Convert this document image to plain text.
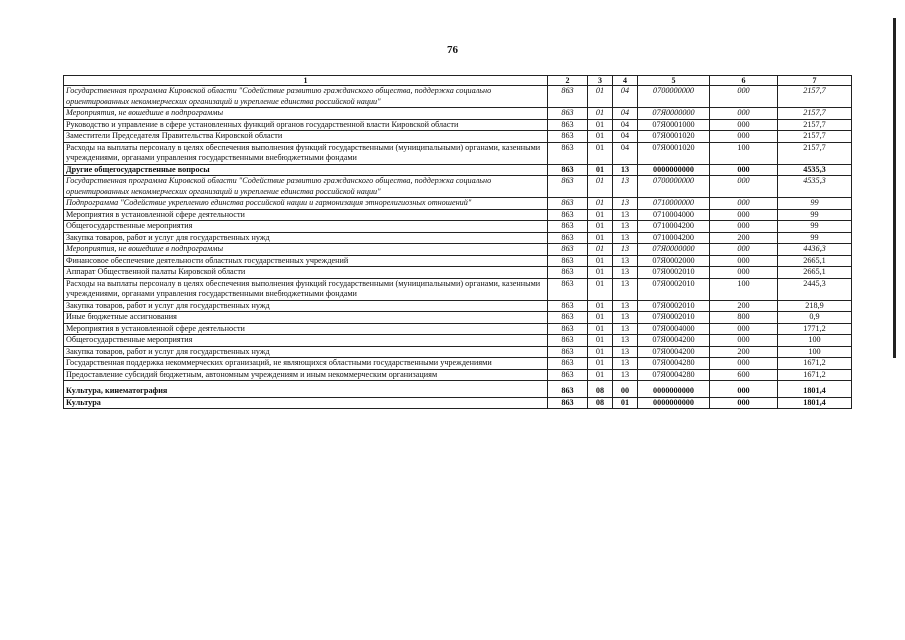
76
1	2	3	4	5	6	7
Государственная программа Кировской области "Содействие развитию гражданского общества, поддержка социально ориентированных некоммерческих организаций и укрепление единства российской нации"	863	01	04	0700000000	000	2157,7
Мероприятия, не вошедшие в подпрограммы	863	01	04	07Я0000000	000	2157,7
Руководство и управление в сфере установленных функций органов государственной власти Кировской области	863	01	04	07Я0001000	000	2157,7
Заместители Председателя Правительства Кировской области	863	01	04	07Я0001020	000	2157,7
Расходы на выплаты персоналу в целях обеспечения выполнения функций государственными (муниципальными) органами, казенными учреждениями, органами управления государственными внебюджетными фондами	863	01	04	07Я0001020	100	2157,7
Другие общегосударственные вопросы	863	01	13	0000000000	000	4535,3
Государственная программа Кировской области "Содействие развитию гражданского общества, поддержка социально ориентированных некоммерческих организаций и укрепление единства российской нации"	863	01	13	0700000000	000	4535,3
Подпрограмма "Содействие укреплению единства российской нации и гармонизация этнорелигиозных отношений"	863	01	13	0710000000	000	99
Мероприятия в установленной сфере деятельности	863	01	13	0710004000	000	99
Общегосударственные мероприятия	863	01	13	0710004200	000	99
Закупка товаров, работ и услуг для государственных нужд	863	01	13	0710004200	200	99
Мероприятия, не вошедшие в подпрограммы	863	01	13	07Я0000000	000	4436,3
Финансовое обеспечение деятельности областных государственных учреждений	863	01	13	07Я0002000	000	2665,1
Аппарат Общественной палаты Кировской области	863	01	13	07Я0002010	000	2665,1
Расходы на выплаты персоналу в целях обеспечения выполнения функций государственными (муниципальными) органами, казенными учреждениями, органами управления государственными внебюджетными фондами	863	01	13	07Я0002010	100	2445,3
Закупка товаров, работ и услуг для государственных нужд	863	01	13	07Я0002010	200	218,9
Иные бюджетные ассигнования	863	01	13	07Я0002010	800	0,9
Мероприятия в установленной сфере деятельности	863	01	13	07Я0004000	000	1771,2
Общегосударственные мероприятия	863	01	13	07Я0004200	000	100
Закупка товаров, работ и услуг для государственных нужд	863	01	13	07Я0004200	200	100
Государственная поддержка некоммерческих организаций, не являющихся областными государственными учреждениями	863	01	13	07Я0004280	000	1671,2
Предоставление субсидий бюджетным, автономным учреждениям и иным некоммерческим организациям	863	01	13	07Я0004280	600	1671,2
Культура, кинематография	863	08	00	0000000000	000	1801,4
Культура	863	08	01	0000000000	000	1801,4
